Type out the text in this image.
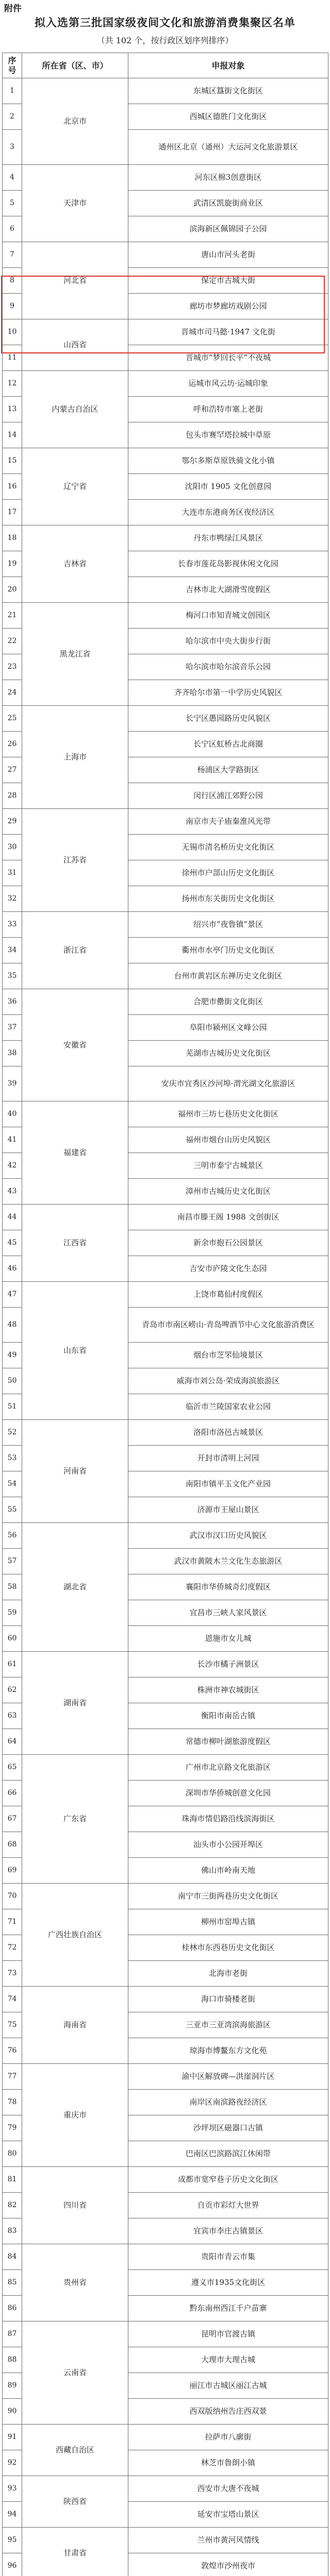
附件
拟入选第三批国家级夜间文化和旅游消费集聚区名单
（共 102 个，按行政区划序列排序）
序号	所在省（区、市）	申报对象
1	北京市	东城区簋街文化街区
2		西城区德胜门文化街区
3		通州区北京（通州）大运河文化旅游景区
4	天津市	河东区棉3创意街区
5		武清区凯旋街商业区
6		滨海新区佩锦园子公园
7	河北省	唐山市河头老街
8		保定市古城大街
9		廊坊市梦廊坊戏剧公园
10	山西省	晋城市司马懿·1947 文化街
11		晋城市“梦回长平”不夜城
12	内蒙古自治区	运城市风云坊·运城印象
13		呼和浩特市塞上老街
14		包头市赛罕塔拉城中草原
15	辽宁省	鄂尔多斯草原铁骑文化小镇
16		沈阳市 1905 文化创意园
17		大连市东港商务区夜经济区
18	吉林省	丹东市鸭绿江风景区
19		长春市莲花岛影视休闲文化园
20		吉林市北大湖滑雪度假区
21	黑龙江省	梅河口市知青城文创园区
22		哈尔滨市中央大街步行街
23		哈尔滨市哈尔滨音乐公园
24		齐齐哈尔市第一中学历史风貌区
25	上海市	长宁区愚园路历史风貌区
26		长宁区虹桥古北商圈
27		杨浦区大学路街区
28		闵行区浦江郊野公园
29	江苏省	南京市夫子庙秦淮风光带
30		无锡市清名桥历史文化街区
31		徐州市户部山历史文化街区
32		扬州市东关街历史文化街区
33	浙江省	绍兴市“夜鲁镇”景区
34		衢州市水亭门历史文化街区
35		台州市黄岩区东禅历史文化街区
36	安徽省	合肥市罍街文化街区
37		阜阳市颍州区文峰公园
38		芜湖市古城历史文化街区
39		安庆市宜秀区沙河埠·渭光湖文化旅游区
40	福建省	福州市三坊七巷历史文化街区
41		福州市烟台山历史风貌区
42		三明市泰宁古城景区
43		漳州市古城历史文化街区
44	江西省	南昌市滕王阁 1988 文创街区
45		新余市抱石公园景区
46		吉安市庐陵文化生态园
47	山东省	上饶市葛仙村度假区
48		青岛市市南区崂山·青岛啤酒节中心文化旅游消费区
49		烟台市芝罘仙境景区
50		威海市刘公岛·荣成海滨旅游区
51		临沂市兰陵国家农业公园
52	河南省	洛阳市洛邑古城景区
53		开封市清明上河园
54		南阳市镇平玉文化产业园
55		济源市王屋山景区
56	湖北省	武汉市汉口历史风貌区
57		武汉市黄陂木兰文化生态旅游区
58		襄阳市华侨城奇幻度假区
59		宜昌市三峡人家风景区
60		恩施市女儿城
61	湖南省	长沙市橘子洲景区
62		株洲市神农城街区
63		衡阳市南岳古镇
64		常德市柳叶湖旅游度假区
65	广东省	广州市北京路文化旅游区
66		深圳市华侨城创意文化园
67		珠海市情侣路沿线滨海街区
68		汕头市小公园开埠区
69		佛山市岭南天地
70	广西壮族自治区	南宁市三街两巷历史文化街区
71		柳州市窑埠古镇
72		桂林市东西巷历史文化街区
73		北海市老街
74	海南省	海口市骑楼老街
75		三亚市三亚湾滨海旅游区
76		琼海市博鳌东方文化苑
77	重庆市	渝中区解放碑—洪崖洞片区
78		南岸区南滨路夜经济区
79		沙坪坝区磁器口古镇
80		巴南区巴滨路滨江休闲带
81	四川省	成都市宽窄巷子历史文化街区
82		自贡市彩灯大世界
83		宜宾市李庄古镇景区
84	贵州省	贵阳市青云市集
85		遵义市1935文化街区
86		黔东南州西江千户苗寨
87	云南省	昆明市官渡古镇
88		大理市大理古城
89		丽江市古城区丽江古城
90		西双版纳州告庄西双景
91	西藏自治区	拉萨市八廓街
92		林芝市鲁朗小镇
93	陕西省	西安市大唐不夜城
94		延安市宝塔山景区
95	甘肃省	兰州市黄河风情线
96		敦煌市沙州夜市
